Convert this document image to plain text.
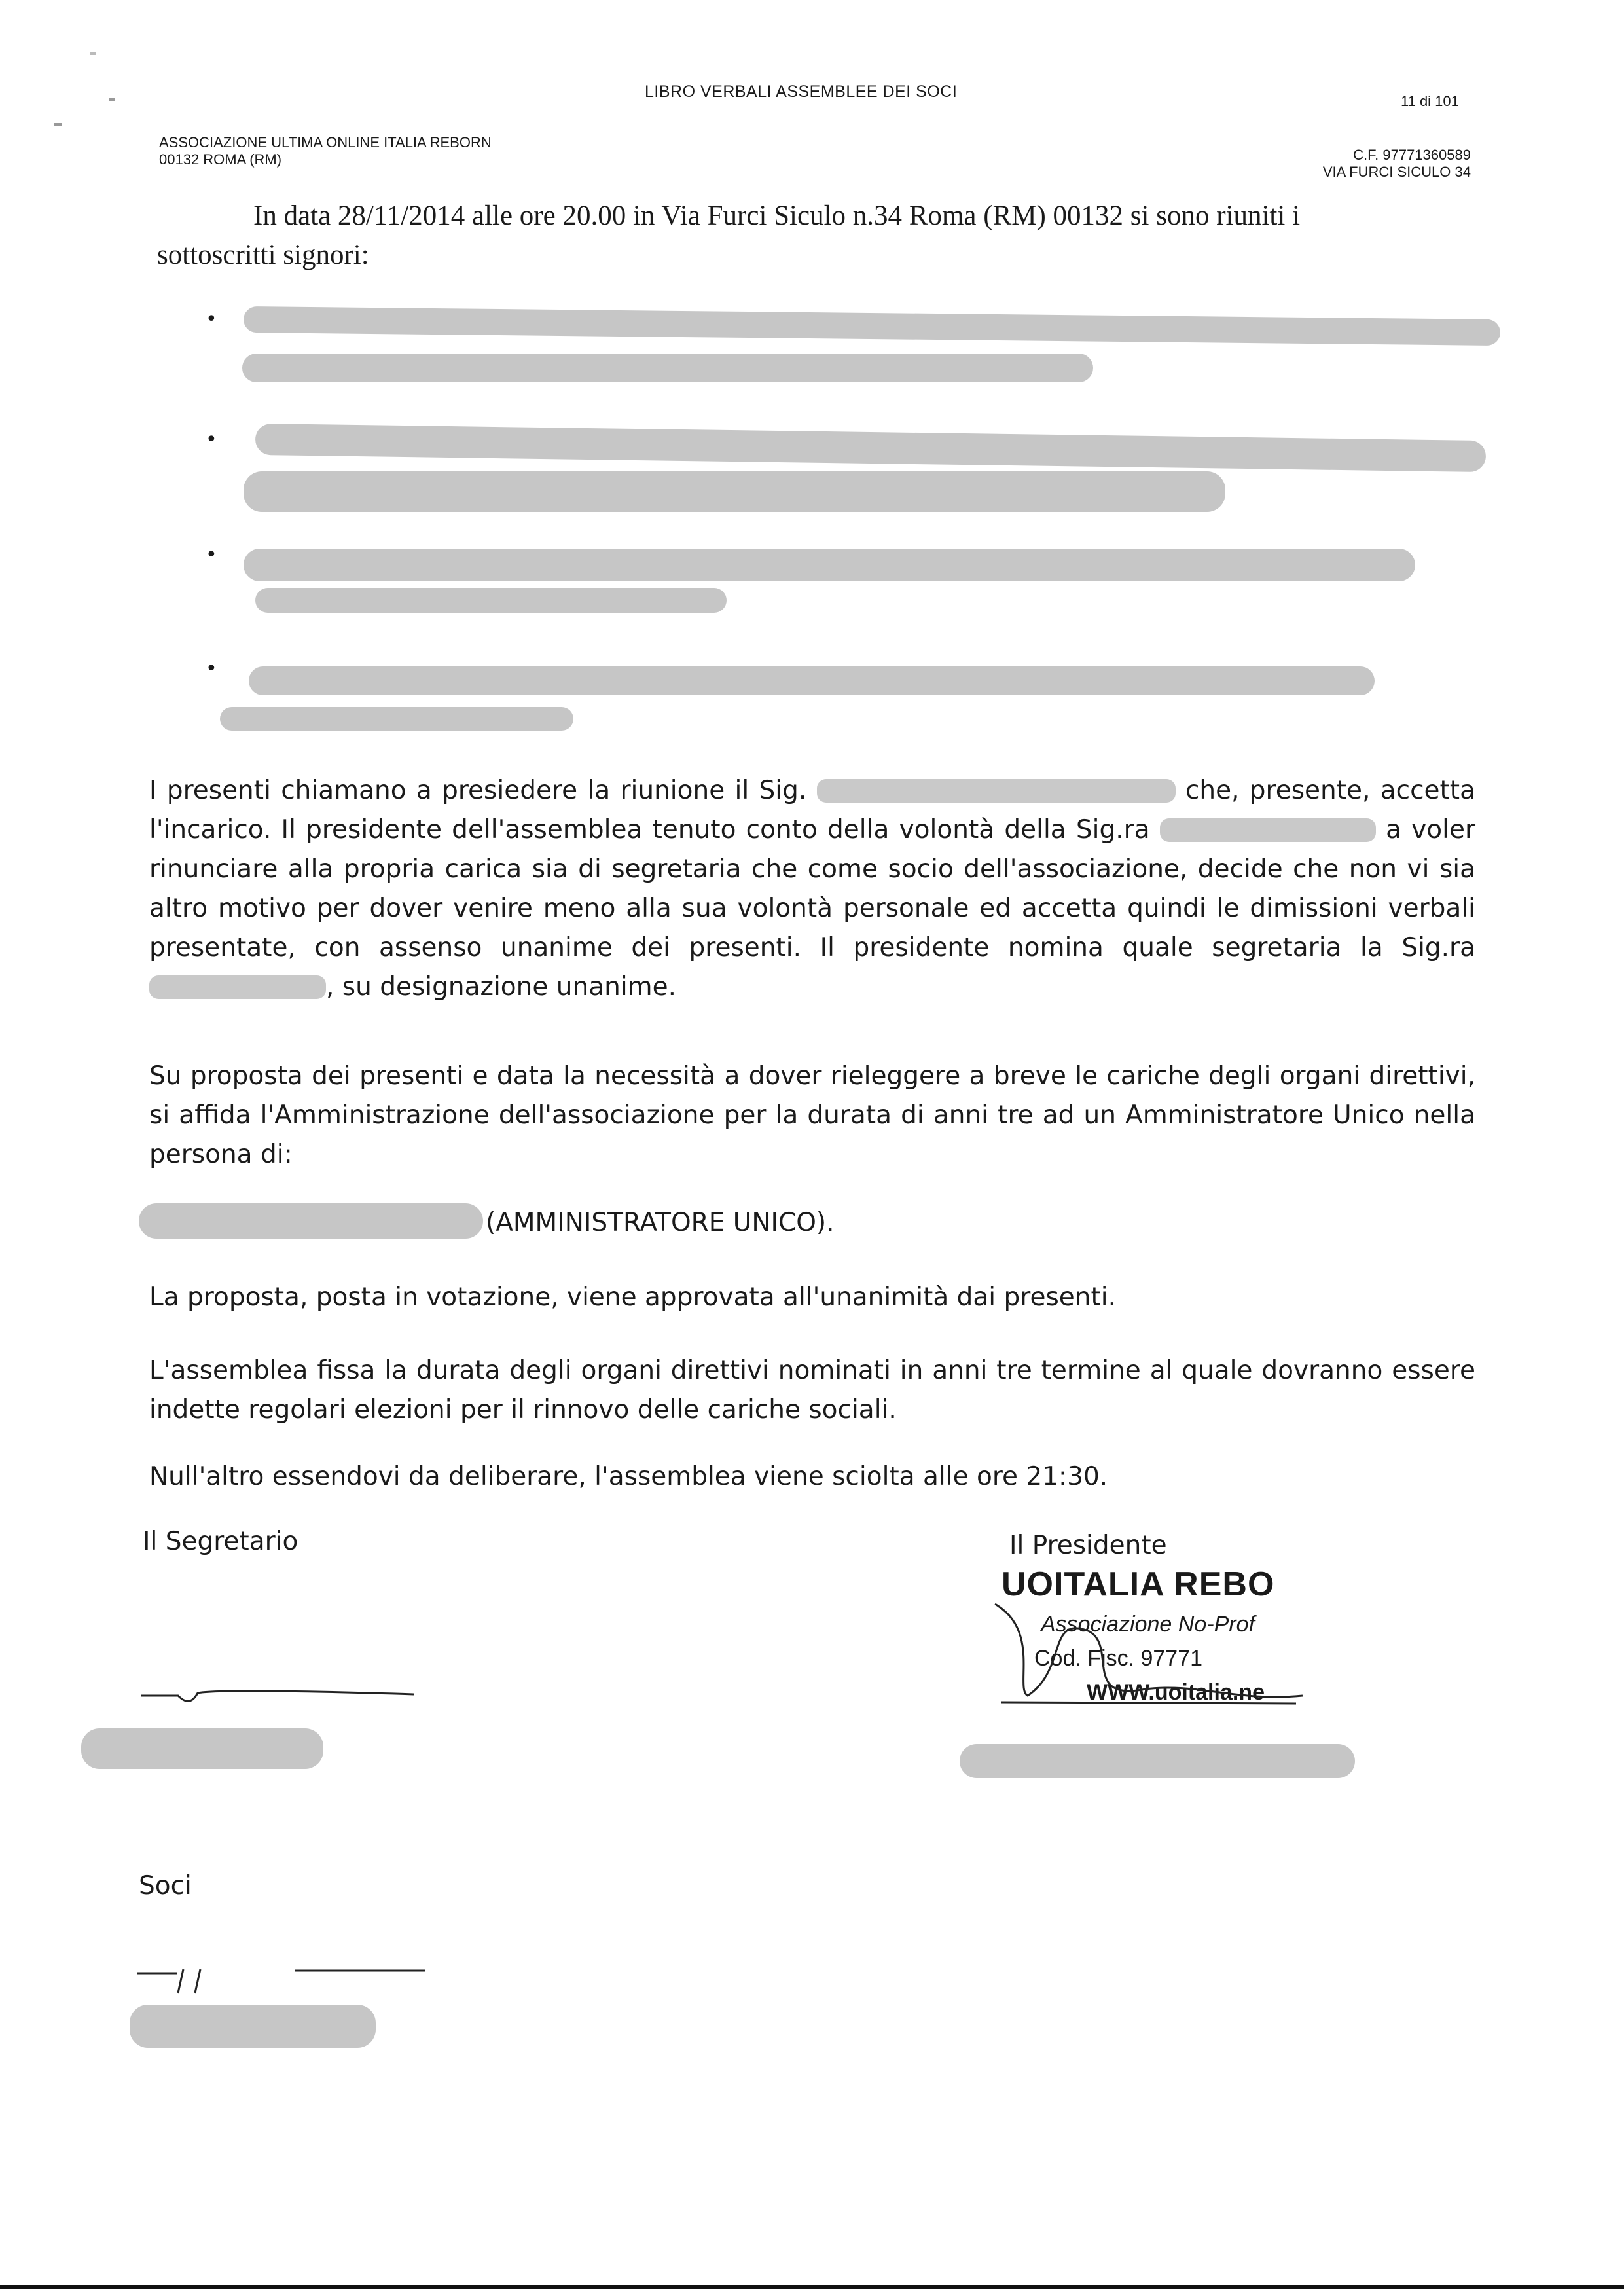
LIBRO VERBALI ASSEMBLEE DEI SOCI
11 di 101
ASSOCIAZIONE ULTIMA ONLINE ITALIA REBORN
00132 ROMA (RM)	C.F. 97771360589
VIA FURCI SICULO 34
In data 28/11/2014 alle ore 20.00 in Via Furci Siculo n.34 Roma (RM) 00132 si sono riuniti i
sottoscritti signori:
•
•
•
•
I presenti chiamano a presiedere la riunione il Sig.	che, presente, accetta l'incarico. Il presidente dell'assemblea tenuto conto della volontà della Sig.ra	a voler rinunciare alla propria carica sia di segretaria che come socio dell'associazione, decide che non vi sia altro motivo per dover venire meno alla sua volontà personale ed accetta quindi le dimissioni verbali presentate, con assenso unanime dei presenti. Il presidente nomina quale segretaria la Sig.ra , su designazione unanime.
Su proposta dei presenti e data la necessità a dover rieleggere a breve le cariche degli organi direttivi, si affida l'Amministrazione dell'associazione per la durata di anni tre ad un Amministratore Unico nella persona di:
(AMMINISTRATORE UNICO).
La proposta, posta in votazione, viene approvata all'unanimità dai presenti.
L'assemblea fissa la durata degli organi direttivi nominati in anni tre termine al quale dovranno essere indette regolari elezioni per il rinnovo delle cariche sociali.
Null'altro essendovi da deliberare, l'assemblea viene sciolta alle ore 21:30.
Il Segretario	Il Presidente
UOITALIA REBO
Associazione No-Prof
Cod. Fisc. 97771
WWW.uoitalia.ne
Soci
